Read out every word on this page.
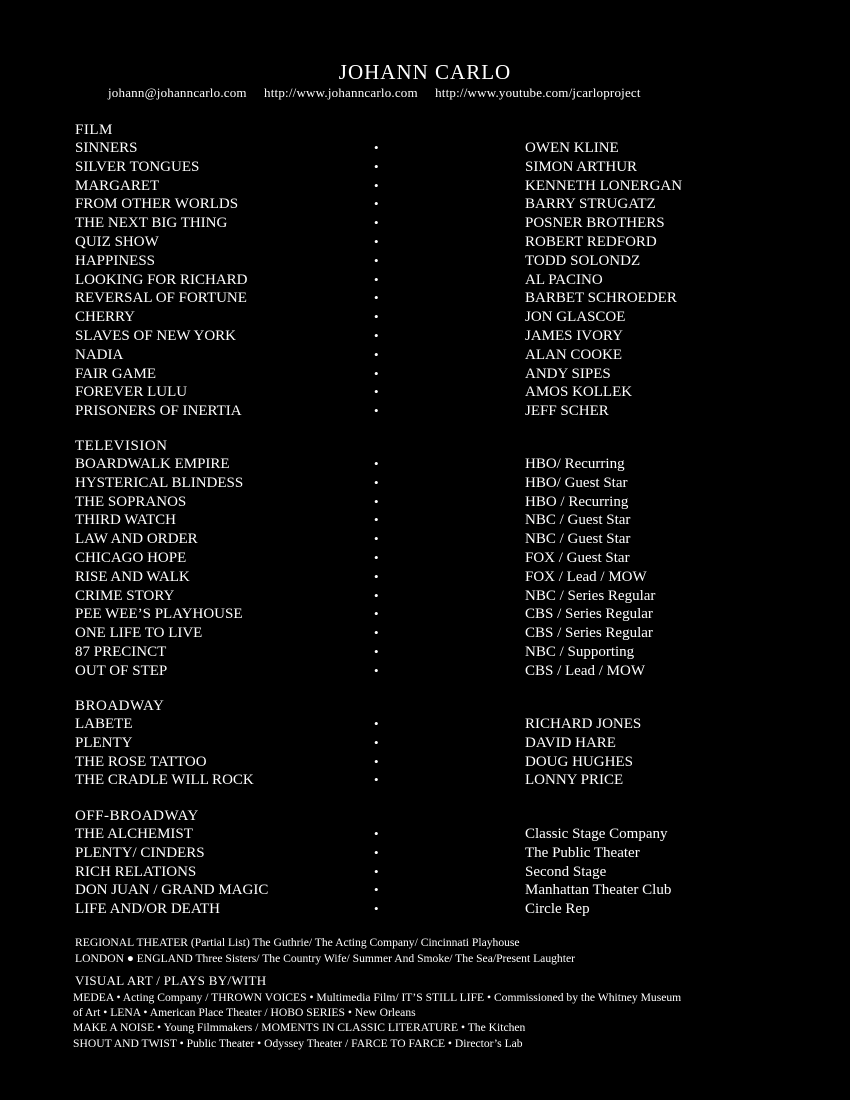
JOHANN CARLO
johann@johanncarlo.com http://www.johanncarlo.com http://www.youtube.com/jcarloproject
FILM
SINNERS	•	OWEN KLINE
SILVER TONGUES	•	SIMON ARTHUR
MARGARET	•	KENNETH LONERGAN
FROM OTHER WORLDS	•	BARRY STRUGATZ
THE NEXT BIG THING	•	POSNER BROTHERS
QUIZ SHOW	•	ROBERT REDFORD
HAPPINESS	•	TODD SOLONDZ
LOOKING FOR RICHARD	•	AL PACINO
REVERSAL OF FORTUNE	•	BARBET SCHROEDER
CHERRY	•	JON GLASCOE
SLAVES OF NEW YORK	•	JAMES IVORY
NADIA	•	ALAN COOKE
FAIR GAME	•	ANDY SIPES
FOREVER LULU	•	AMOS KOLLEK
PRISONERS OF INERTIA	•	JEFF SCHER
TELEVISION
BOARDWALK EMPIRE	•	HBO/ Recurring
HYSTERICAL BLINDESS	•	HBO/ Guest Star
THE SOPRANOS	•	HBO / Recurring
THIRD WATCH	•	NBC / Guest Star
LAW AND ORDER	•	NBC / Guest Star
CHICAGO HOPE	•	FOX / Guest Star
RISE AND WALK	•	FOX / Lead / MOW
CRIME STORY	•	NBC / Series Regular
PEE WEE’S PLAYHOUSE	•	CBS / Series Regular
ONE LIFE TO LIVE	•	CBS / Series Regular
87 PRECINCT	•	NBC / Supporting
OUT OF STEP	•	CBS / Lead / MOW
BROADWAY
LABETE	•	RICHARD JONES
PLENTY	•	DAVID HARE
THE ROSE TATTOO	•	DOUG HUGHES
THE CRADLE WILL ROCK	•	LONNY PRICE
OFF-BROADWAY
THE ALCHEMIST	•	Classic Stage Company
PLENTY/ CINDERS	•	The Public Theater
RICH RELATIONS	•	Second Stage
DON JUAN / GRAND MAGIC	•	Manhattan Theater Club
LIFE AND/OR DEATH	•	Circle Rep
REGIONAL THEATER (Partial List) The Guthrie/ The Acting Company/ Cincinnati Playhouse
LONDON ● ENGLAND Three Sisters/ The Country Wife/ Summer And Smoke/ The Sea/Present Laughter
VISUAL ART / PLAYS BY/WITH
MEDEA • Acting Company / THROWN VOICES • Multimedia Film/ IT’S STILL LIFE • Commissioned by the Whitney Museum
of Art • LENA • American Place Theater / HOBO SERIES • New Orleans
MAKE A NOISE • Young Filmmakers / MOMENTS IN CLASSIC LITERATURE • The Kitchen
SHOUT AND TWIST • Public Theater • Odyssey Theater / FARCE TO FARCE • Director’s Lab
